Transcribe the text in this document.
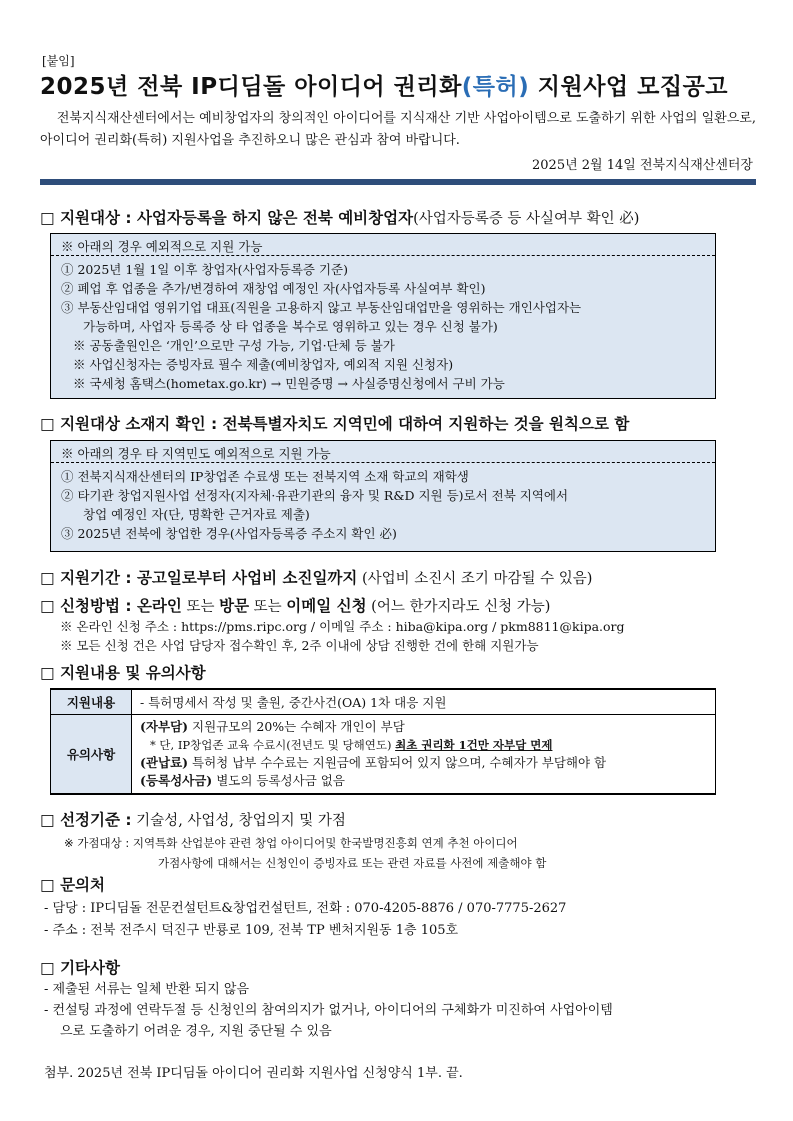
[붙임]
2025년 전북 IP디딤돌 아이디어 권리화(특허) 지원사업 모집공고
전북지식재산센터에서는 예비창업자의 창의적인 아이디어를 지식재산 기반 사업아이템으로 도출하기 위한 사업의 일환으로, 아이디어 권리화(특허) 지원사업을 추진하오니 많은 관심과 참여 바랍니다.
2025년 2월 14일 전북지식재산센터장
□ 지원대상 : 사업자등록을 하지 않은 전북 예비창업자(사업자등록증 등 사실여부 확인 必)
※ 아래의 경우 예외적으로 지원 가능
① 2025년 1월 1일 이후 창업자(사업자등록증 기준)
② 폐업 후 업종을 추가/변경하여 재창업 예정인 자(사업자등록 사실여부 확인)
③ 부동산임대업 영위기업 대표(직원을 고용하지 않고 부동산임대업만을 영위하는 개인사업자는
가능하며, 사업자 등록증 상 타 업종을 복수로 영위하고 있는 경우 신청 불가)
※ 공동출원인은 ‘개인’으로만 구성 가능, 기업·단체 등 불가
※ 사업신청자는 증빙자료 필수 제출(예비창업자, 예외적 지원 신청자)
※ 국세청 홈택스(hometax.go.kr) → 민원증명 → 사실증명신청에서 구비 가능
□ 지원대상 소재지 확인 : 전북특별자치도 지역민에 대하여 지원하는 것을 원칙으로 함
※ 아래의 경우 타 지역민도 예외적으로 지원 가능
① 전북지식재산센터의 IP창업존 수료생 또는 전북지역 소재 학교의 재학생
② 타기관 창업지원사업 선정자(지자체·유관기관의 융자 및 R&D 지원 등)로서 전북 지역에서
창업 예정인 자(단, 명확한 근거자료 제출)
③ 2025년 전북에 창업한 경우(사업자등록증 주소지 확인 必)
□ 지원기간 : 공고일로부터 사업비 소진일까지 (사업비 소진시 조기 마감될 수 있음)
□ 신청방법 : 온라인 또는 방문 또는 이메일 신청 (어느 한가지라도 신청 가능)
※ 온라인 신청 주소 : https://pms.ripc.org / 이메일 주소 : hiba@kipa.org / pkm8811@kipa.org
※ 모든 신청 건은 사업 담당자 접수확인 후, 2주 이내에 상담 진행한 건에 한해 지원가능
□ 지원내용 및 유의사항
지원내용	- 특허명세서 작성 및 출원, 중간사건(OA) 1차 대응 지원
유의사항	(자부담) 지원규모의 20%는 수혜자 개인이 부담
* 단, IP창업존 교육 수료시(전년도 및 당해연도) 최초 권리화 1건만 자부담 면제
(관납료) 특허청 납부 수수료는 지원금에 포함되어 있지 않으며, 수혜자가 부담해야 함
(등록성사금) 별도의 등록성사금 없음
□ 선정기준 : 기술성, 사업성, 창업의지 및 가점
※ 가점대상 : 지역특화 산업분야 관련 창업 아이디어및 한국발명진흥회 연계 추천 아이디어
가점사항에 대해서는 신청인이 증빙자료 또는 관련 자료를 사전에 제출해야 함
□ 문의처
- 담당 : IP디딤돌 전문컨설턴트&창업컨설턴트, 전화 : 070-4205-8876 / 070-7775-2627
- 주소 : 전북 전주시 덕진구 반룡로 109, 전북 TP 벤처지원동 1층 105호
□ 기타사항
- 제출된 서류는 일체 반환 되지 않음
- 컨설팅 과정에 연락두절 등 신청인의 참여의지가 없거나, 아이디어의 구체화가 미진하여 사업아이템
으로 도출하기 어려운 경우, 지원 중단될 수 있음
첨부. 2025년 전북 IP디딤돌 아이디어 권리화 지원사업 신청양식 1부. 끝.
